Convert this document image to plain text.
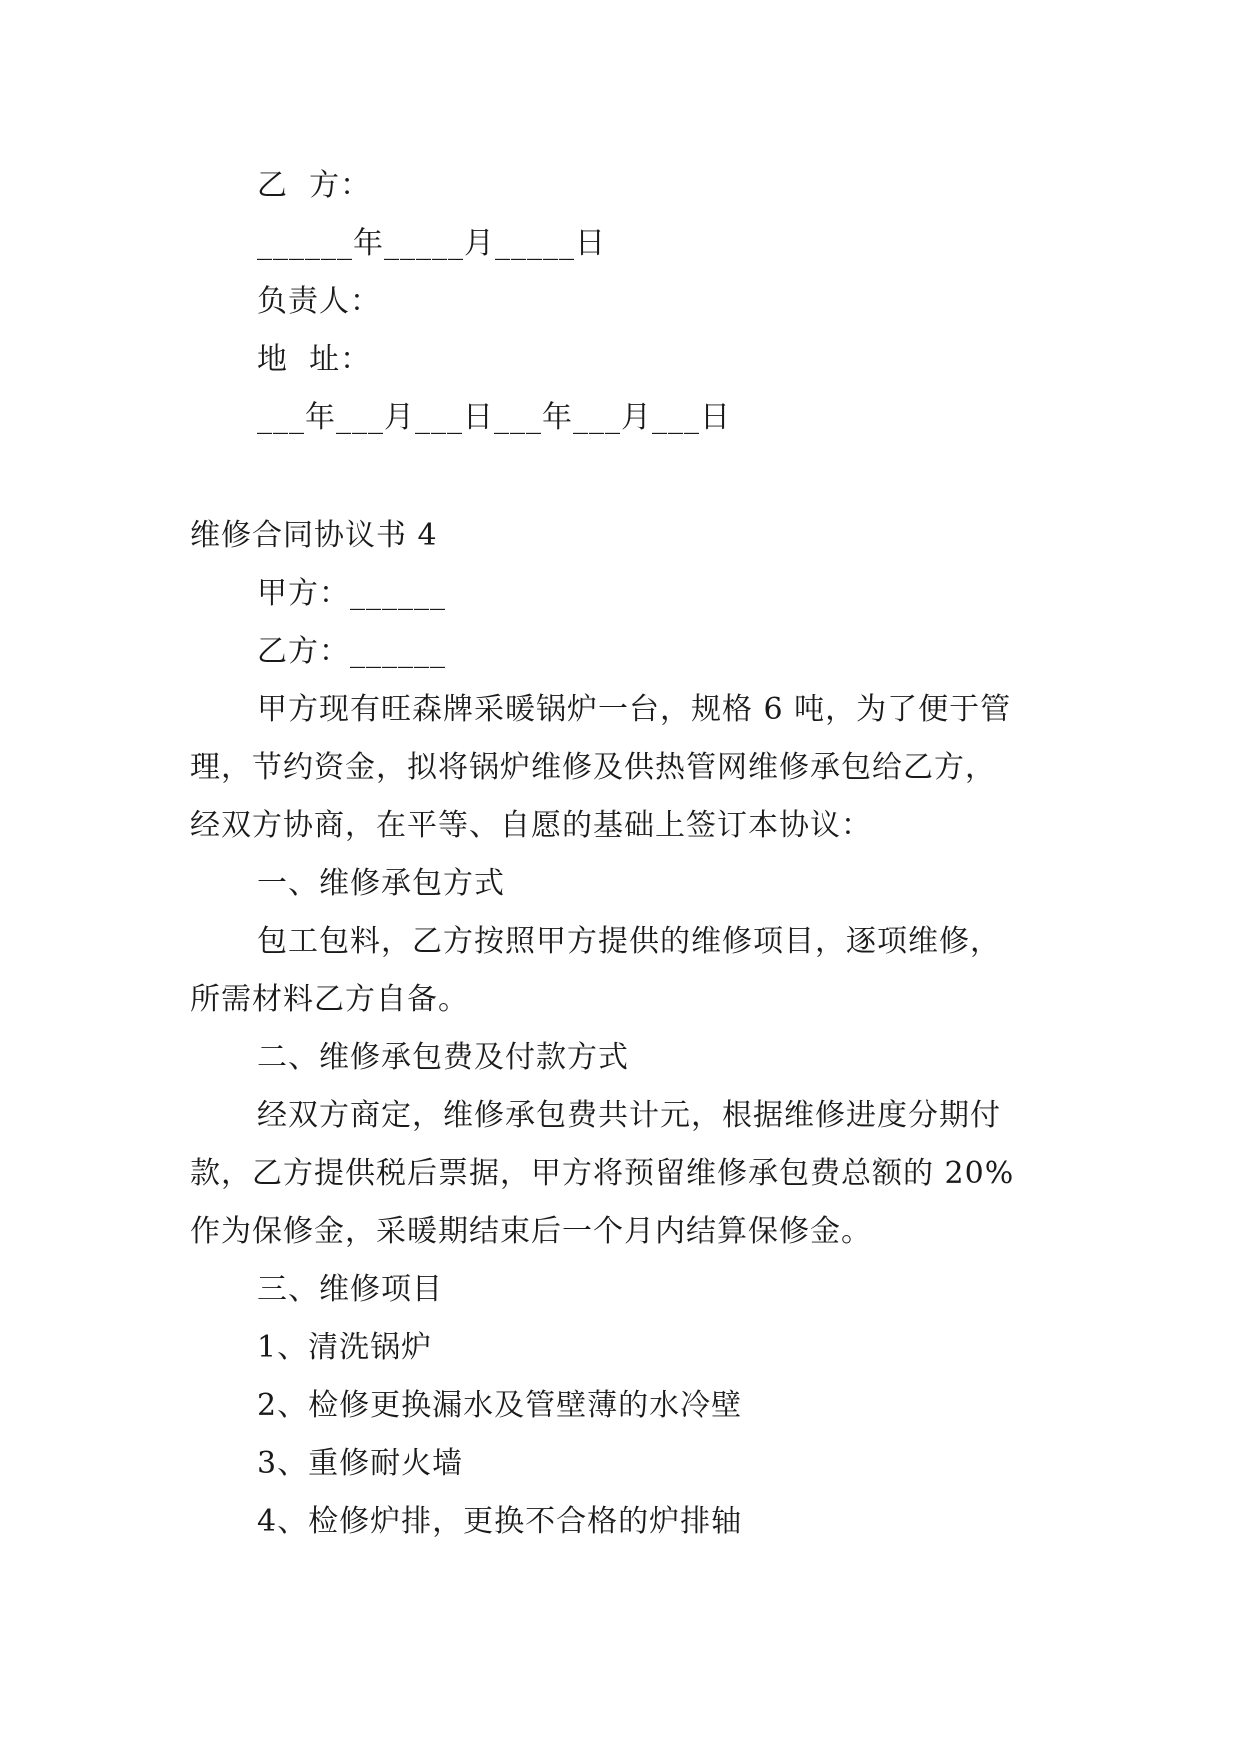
乙  方：
______年_____月_____日
负责人：
地  址：
___年___月___日___年___月___日
维修合同协议书 4
甲方：______
乙方：______
甲方现有旺森牌采暖锅炉一台，规格 6 吨，为了便于管
理，节约资金，拟将锅炉维修及供热管网维修承包给乙方，
经双方协商，在平等、自愿的基础上签订本协议：
一、维修承包方式
包工包料，乙方按照甲方提供的维修项目，逐项维修，
所需材料乙方自备。
二、维修承包费及付款方式
经双方商定，维修承包费共计元，根据维修进度分期付
款，乙方提供税后票据，甲方将预留维修承包费总额的 20%
作为保修金，采暖期结束后一个月内结算保修金。
三、维修项目
1、清洗锅炉
2、检修更换漏水及管壁薄的水冷壁
3、重修耐火墙
4、检修炉排，更换不合格的炉排轴
